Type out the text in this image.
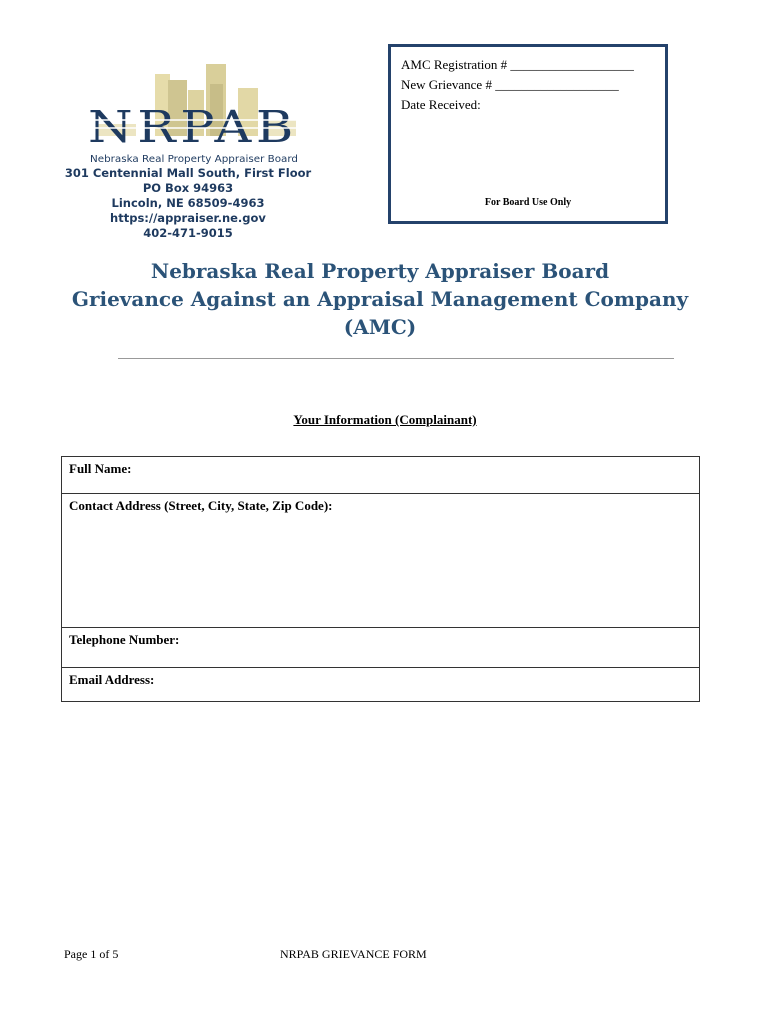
NRPAB
Nebraska Real Property Appraiser Board
301 Centennial Mall South, First Floor
PO Box 94963
Lincoln, NE 68509-4963
https://appraiser.ne.gov
402-471-9015
AMC Registration # ___________________
New Grievance # ___________________
Date Received:
For Board Use Only
Nebraska Real Property Appraiser Board
Grievance Against an Appraisal Management Company
(AMC)
Your Information (Complainant)
Full Name:
Contact Address (Street, City, State, Zip Code):
Telephone Number:
Email Address:
Page 1 of 5	NRPAB GRIEVANCE FORM
